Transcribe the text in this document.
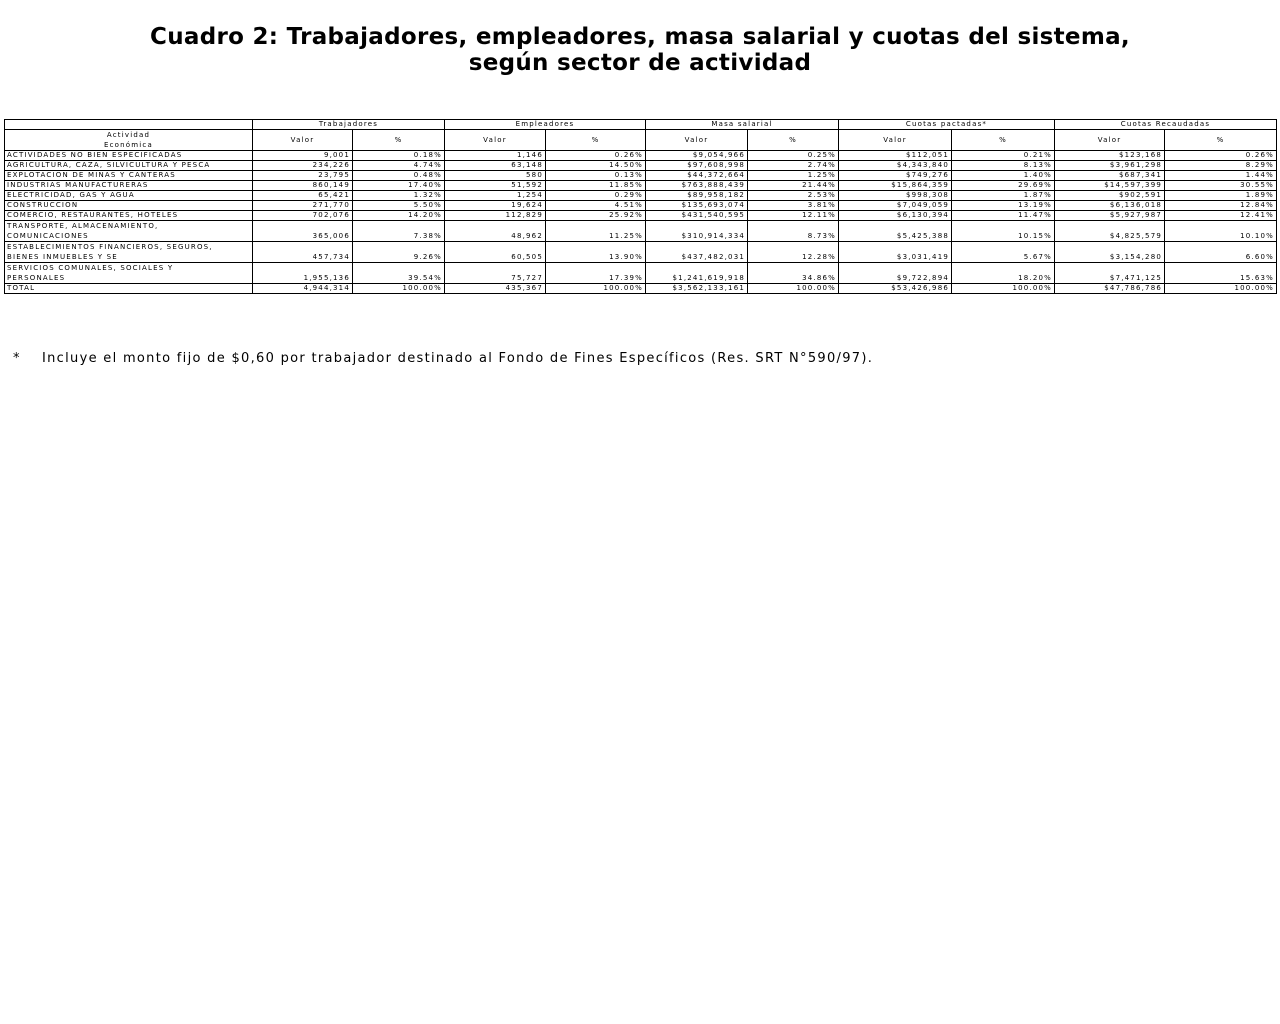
Cuadro 2: Trabajadores, empleadores, masa salarial y cuotas del sistema,
según sector de actividad
	Trabajadores		Empleadores		Masa salarial		Cuotas pactadas*		Cuotas Recaudadas	

Actividad
Económica	Valor	%	Valor	%	Valor	%	Valor	%	Valor	%
ACTIVIDADES NO BIEN ESPECIFICADAS	9,001	0.18%	1,146	0.26%	$9,054,966	0.25%	$112,051	0.21%	$123,168	0.26%
AGRICULTURA, CAZA, SILVICULTURA Y PESCA	234,226	4.74%	63,148	14.50%	$97,608,998	2.74%	$4,343,840	8.13%	$3,961,298	8.29%
EXPLOTACION DE MINAS Y CANTERAS	23,795	0.48%	580	0.13%	$44,372,664	1.25%	$749,276	1.40%	$687,341	1.44%
INDUSTRIAS MANUFACTURERAS	860,149	17.40%	51,592	11.85%	$763,888,439	21.44%	$15,864,359	29.69%	$14,597,399	30.55%
ELECTRICIDAD, GAS Y AGUA	65,421	1.32%	1,254	0.29%	$89,958,182	2.53%	$998,308	1.87%	$902,591	1.89%
CONSTRUCCION	271,770	5.50%	19,624	4.51%	$135,693,074	3.81%	$7,049,059	13.19%	$6,136,018	12.84%
COMERCIO, RESTAURANTES, HOTELES	702,076	14.20%	112,829	25.92%	$431,540,595	12.11%	$6,130,394	11.47%	$5,927,987	12.41%

TRANSPORTE, ALMACENAMIENTO,
COMUNICACIONES	365,006	7.38%	48,962	11.25%	$310,914,334	8.73%	$5,425,388	10.15%	$4,825,579	10.10%

ESTABLECIMIENTOS FINANCIEROS, SEGUROS,
BIENES INMUEBLES Y SE	457,734	9.26%	60,505	13.90%	$437,482,031	12.28%	$3,031,419	5.67%	$3,154,280	6.60%

SERVICIOS COMUNALES, SOCIALES Y
PERSONALES	1,955,136	39.54%	75,727	17.39%	$1,241,619,918	34.86%	$9,722,894	18.20%	$7,471,125	15.63%
TOTAL	4,944,314	100.00%	435,367	100.00%	$3,562,133,161	100.00%	$53,426,986	100.00%	$47,786,786	100.00%
* Incluye el monto fijo de $0,60 por trabajador destinado al Fondo de Fines Específicos (Res. SRT N°590/97).
